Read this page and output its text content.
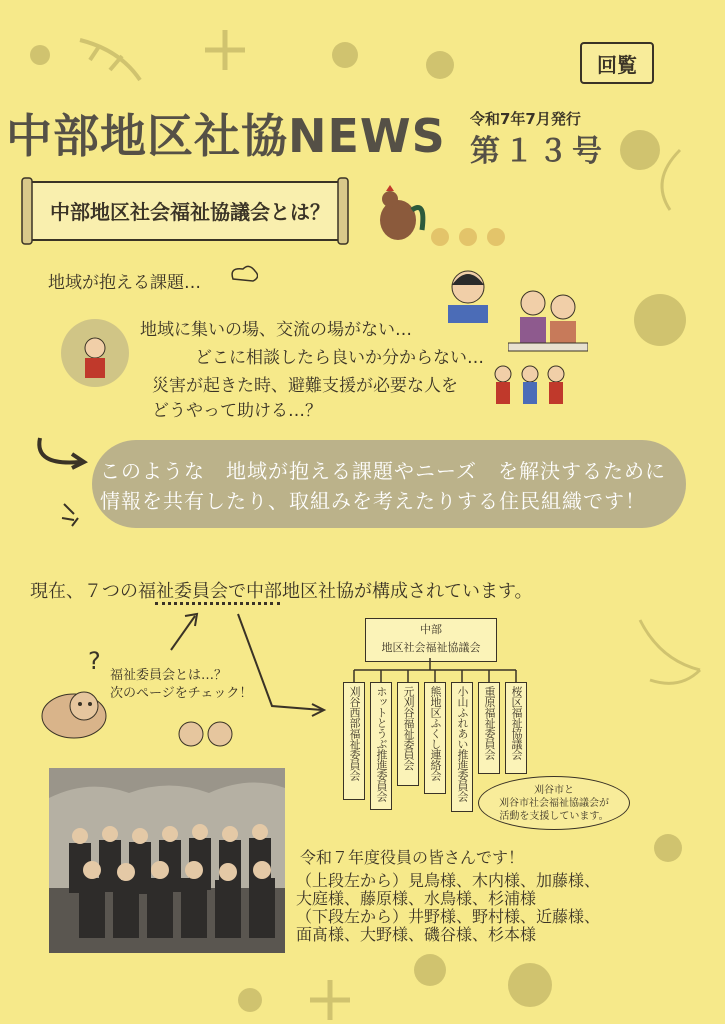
回覧
中部地区社協NEWS 令和7年7月発行
第１３号
中部地区社会福祉協議会とは？
地域が抱える課題…
地域に集いの場、交流の場がない…
どこに相談したら良いか分からない…
災害が起きた時、避難支援が必要な人を
どうやって助ける…？
このような　地域が抱える課題やニーズ　を解決するために
情報を共有したり、取組みを考えたりする住民組織です！
現在、７つの福祉委員会で中部地区社協が構成されています。
?
福祉委員会とは…？
次のページをチェック！
中部
地区社会福祉協議会
刈谷西部福祉委員会	ホットとうぶ推進委員会	元刈谷福祉委員会	熊地区ふくし連絡会	小山ふれあい推進委員会	重原福祉委員会	桜区福祉協議会
刈谷市と
刈谷市社会福祉協議会が
活動を支援しています。
令和７年度役員の皆さんです！
（上段左から）見鳥様、木内様、加藤様、
大庭様、藤原様、水鳥様、杉浦様
（下段左から）井野様、野村様、近藤様、
面髙様、大野様、磯谷様、杉本様
